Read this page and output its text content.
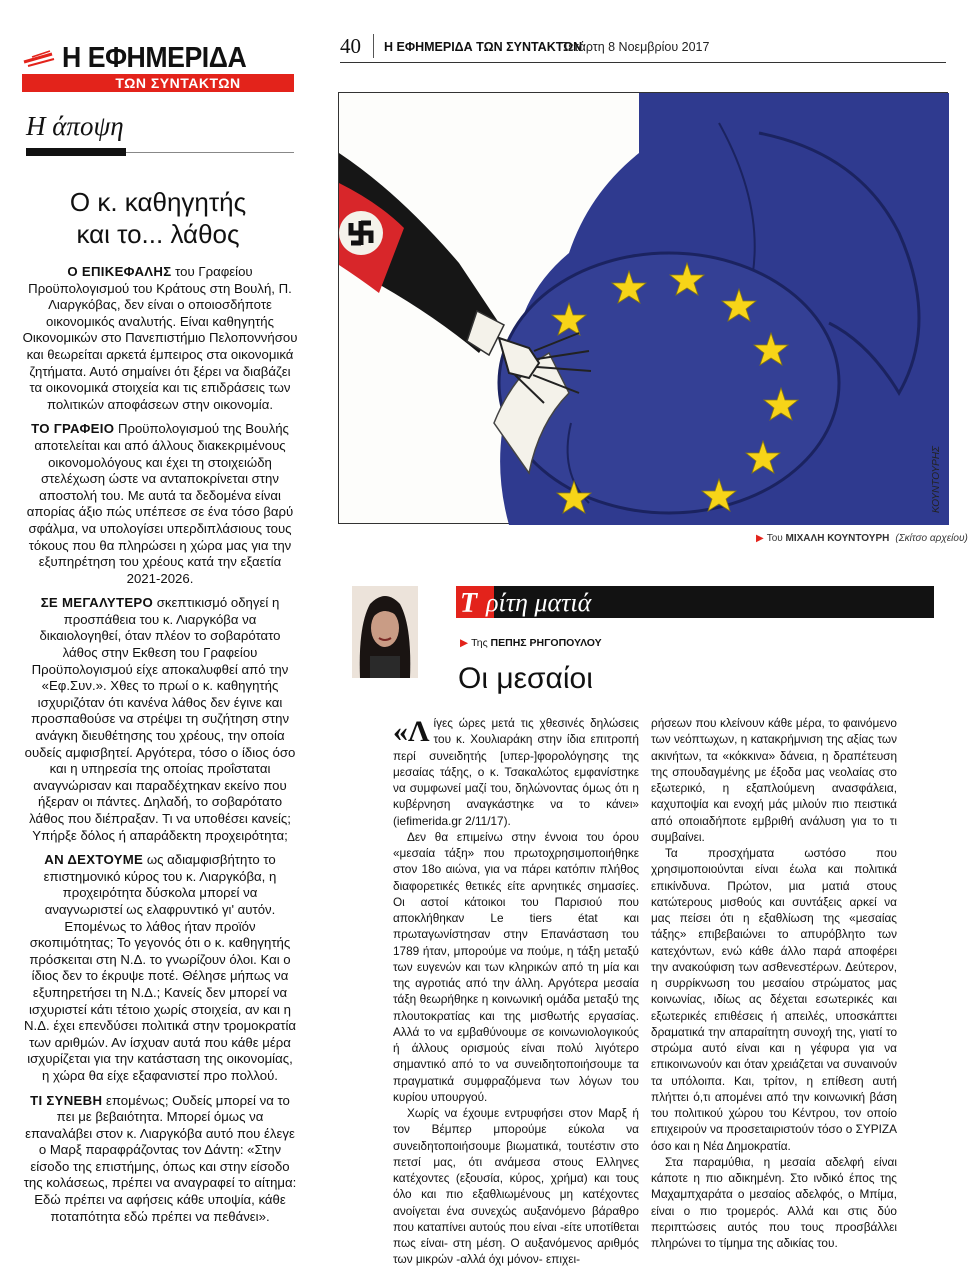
Η ΕΦΗΜΕΡΙΔΑ
ΤΩΝ ΣΥΝΤΑΚΤΩΝ
Η άποψη
Ο κ. καθηγητής
και το... λάθος

Ο ΕΠΙΚΕΦΑΛΗΣ του Γραφείου Προϋπολογισμού του Κράτους στη Βουλή, Π. Λιαργκόβας, δεν είναι ο οποιοσδήποτε οικονομικός αναλυτής. Είναι καθηγητής Οικονομικών στο Πανεπιστήμιο Πελοποννήσου και θεωρείται αρκετά έμπειρος στα οικονομικά ζητήματα. Αυτό σημαίνει ότι ξέρει να διαβάζει τα οικονομικά στοιχεία και τις επιδράσεις των πολιτικών αποφάσεων στην οικονομία.

ΤΟ ΓΡΑΦΕΙΟ Προϋπολογισμού της Βουλής αποτελείται και από άλλους διακεκριμένους οικονομολόγους και έχει τη στοιχειώδη στελέχωση ώστε να ανταποκρίνεται στην αποστολή του. Με αυτά τα δεδομένα είναι απορίας άξιο πώς υπέπεσε σε ένα τόσο βαρύ σφάλμα, να υπολογίσει υπερδιπλάσιους τους τόκους που θα πληρώσει η χώρα μας για την εξυπηρέτηση του χρέους κατά την εξαετία 2021-2026.

ΣΕ ΜΕΓΑΛΥΤΕΡΟ σκεπτικισμό οδηγεί η προσπάθεια του κ. Λιαργκόβα να δικαιολογηθεί, όταν πλέον το σοβαρότατο λάθος στην Εκθεση του Γραφείου Προϋπολογισμού είχε αποκαλυφθεί από την «Εφ.Συν.». Χθες το πρωί ο κ. καθηγητής ισχυριζόταν ότι κανένα λάθος δεν έγινε και προσπαθούσε να στρέψει τη συζήτηση στην ανάγκη διευθέτησης του χρέους, την οποία ουδείς αμφισβητεί. Αργότερα, τόσο ο ίδιος όσο και η υπηρεσία της οποίας προΐσταται αναγνώρισαν και παραδέχτηκαν εκείνο που ήξεραν οι πάντες. Δηλαδή, το σοβαρότατο λάθος που διέπραξαν. Τι να υποθέσει κανείς; Υπήρξε δόλος ή απαράδεκτη προχειρότητα;

ΑΝ ΔΕΧΤΟΥΜΕ ως αδιαμφισβήτητο το επιστημονικό κύρος του κ. Λιαργκόβα, η προχειρότητα δύσκολα μπορεί να αναγνωριστεί ως ελαφρυντικό γι' αυτόν. Επομένως το λάθος ήταν προϊόν σκοπιμότητας; Το γεγονός ότι ο κ. καθηγητής πρόσκειται στη Ν.Δ. το γνωρίζουν όλοι. Και ο ίδιος δεν το έκρυψε ποτέ. Θέλησε μήπως να εξυπηρετήσει τη Ν.Δ.; Κανείς δεν μπορεί να ισχυριστεί κάτι τέτοιο χωρίς στοιχεία, αν και η Ν.Δ. έχει επενδύσει πολιτικά στην τρομοκρατία των αριθμών. Αν ίσχυαν αυτά που κάθε μέρα ισχυρίζεται για την κατάσταση της οικονομίας, η χώρα θα είχε εξαφανιστεί προ πολλού.

ΤΙ ΣΥΝΕΒΗ επομένως; Ουδείς μπορεί να το πει με βεβαιότητα. Μπορεί όμως να επαναλάβει στον κ. Λιαργκόβα αυτό που έλεγε ο Μαρξ παραφράζοντας τον Δάντη: «Στην είσοδο της επιστήμης, όπως και στην είσοδο της κολάσεως, πρέπει να αναγραφεί το αίτημα: Εδώ πρέπει να αφήσεις κάθε υποψία, κάθε ποταπότητα εδώ πρέπει να πεθάνει».

40 Η ΕΦΗΜΕΡΙΔΑ ΤΩΝ ΣΥΝΤΑΚΤΩΝ
Τετάρτη 8 Νοεμβρίου 2017
ΚΟΥΝΤΟΥΡΗΣ
▶ Του ΜΙΧΑΛΗ ΚΟΥΝΤΟΥΡΗ (Σκίτσο αρχείου)
Τ ρίτη ματιά
▶ Της ΠΕΠΗΣ ΡΗΓΟΠΟΥΛΟΥ
Οι μεσαίοι

«Λίγες ώρες μετά τις χθεσινές δηλώσεις του κ. Χουλιαράκη στην ίδια επιτροπή περί συνειδητής [υπερ-]φορολόγησης της μεσαίας τάξης, ο κ. Τσακαλώτος εμφανίστηκε να συμφωνεί μαζί του, δηλώνοντας όμως ότι η κυβέρνηση αναγκάστηκε να το κάνει» (iefimerida.gr 2/11/17).

Δεν θα επιμείνω στην έννοια του όρου «μεσαία τάξη» που πρωτοχρησιμοποιήθηκε στον 18ο αιώνα, για να πάρει κατόπιν πλήθος διαφορετικές θετικές είτε αρνητικές σημασίες. Οι αστοί κάτοικοι του Παρισιού που αποκλήθηκαν Le tiers état και πρωταγωνίστησαν στην Επανάσταση του 1789 ήταν, μπορούμε να πούμε, η τάξη μεταξύ των ευγενών και των κληρικών από τη μία και της αγροτιάς από την άλλη. Αργότερα μεσαία τάξη θεωρήθηκε η κοινωνική ομάδα μεταξύ της πλουτοκρατίας και της μισθωτής εργασίας. Αλλά το να εμβαθύνουμε σε κοινωνιολογικούς ή άλλους ορισμούς είναι πολύ λιγότερο σημαντικό από το να συνειδητοποιήσουμε τα πραγματικά συμφραζόμενα των λόγων του κυρίου υπουργού.

Χωρίς να έχουμε εντρυφήσει στον Μαρξ ή τον Βέμπερ μπορούμε εύκολα να συνειδητοποιήσουμε βιωματικά, τουτέστιν στο πετσί μας, ότι ανάμεσα στους Ελληνες κατέχοντες (εξουσία, κύρος, χρήμα) και τους όλο και πιο εξαθλιωμένους μη κατέχοντες ανοίγεται ένα συνεχώς αυξανόμενο βάραθρο που καταπίνει αυτούς που είναι -είτε υποτίθεται πως είναι- στη μέση. Ο αυξανόμενος αριθμός των μικρών -αλλά όχι μόνον- επιχει-

ρήσεων που κλείνουν κάθε μέρα, το φαινόμενο των νεόπτωχων, η κατακρήμνιση της αξίας των ακινήτων, τα «κόκκινα» δάνεια, η δραπέτευση της σπουδαγμένης με έξοδα μας νεολαίας στο εξωτερικό, η εξαπλούμενη ανασφάλεια, καχυποψία και ενοχή μάς μιλούν πιο πειστικά από οποιαδήποτε εμβριθή ανάλυση για το τι συμβαίνει.

Τα προσχήματα ωστόσο που χρησιμοποιούνται είναι έωλα και πολιτικά επικίνδυνα. Πρώτον, μια ματιά στους κατώτερους μισθούς και συντάξεις αρκεί να μας πείσει ότι η εξαθλίωση της «μεσαίας τάξης» επιβεβαιώνει το απυρόβλητο των κατεχόντων, ενώ κάθε άλλο παρά αποφέρει την ανακούφιση των ασθενεστέρων. Δεύτερον, η συρρίκνωση του μεσαίου στρώματος μας κοινωνίας, ιδίως ας δέχεται εσωτερικές και εξωτερικές επιθέσεις ή απειλές, υποσκάπτει δραματικά την απαραίτητη συνοχή της, γιατί το στρώμα αυτό είναι και η γέφυρα για να επικοινωνούν και όταν χρειάζεται να συναινούν τα υπόλοιπα. Και, τρίτον, η επίθεση αυτή πλήττει ό,τι απομένει από την κοινωνική βάση του πολιτικού χώρου του Κέντρου, τον οποίο επιχειρούν να προσεταιριστούν τόσο ο ΣΥΡΙΖΑ όσο και η Νέα Δημοκρατία.

Στα παραμύθια, η μεσαία αδελφή είναι κάποτε η πιο αδικημένη. Στο ινδικό έπος της Μαχαμπχαράτα ο μεσαίος αδελφός, ο Μπίμα, είναι ο πιο τρομερός. Αλλά και στις δύο περιπτώσεις αυτός που τους προσβάλλει πληρώνει το τίμημα της αδικίας του.
